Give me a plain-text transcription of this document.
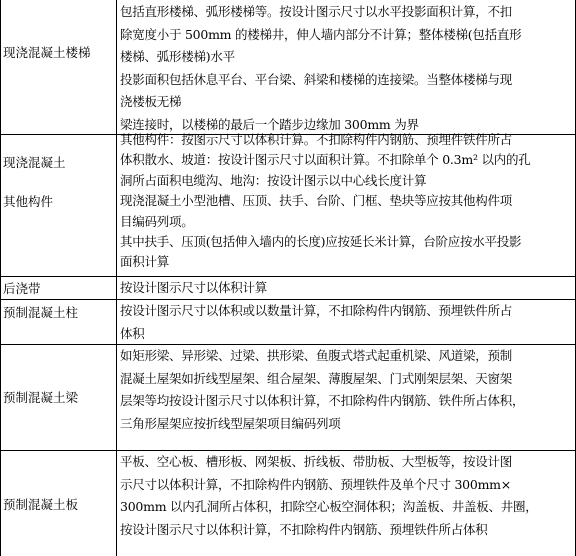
现浇混凝土楼梯
包括直形楼梯、弧形楼梯等。按设计图示尺寸以水平投影面积计算，不扣
除宽度小于 500mm 的楼梯井，伸人墙内部分不计算；整体楼梯(包括直形
楼梯、弧形楼梯)水平
投影面积包括休息平台、平台梁、斜梁和楼梯的连接梁。当整体楼梯与现
浇楼板无梯
梁连接时，以楼梯的最后一个踏步边缘加 300mm 为界
现浇混凝土
其他构件
其他构件：按图示尺寸以体积计算。不扣除构件内钢筋、预埋件铁件所占
体积散水、坡道：按设计图示尺寸以面积计算。不扣除单个 0.3m² 以内的孔
洞所占面积电缆沟、地沟：按设计图示以中心线长度计算
现浇混凝土小型池槽、压顶、扶手、台阶、门框、垫块等应按其他构件项
目编码列项。
其中扶手、压顶(包括伸入墙内的长度)应按延长米计算，台阶应按水平投影
面积计算
后浇带	按设计图示尺寸以体积计算
预制混凝土柱	按设计图示尺寸以体积或以数量计算，不扣除构件内钢筋、预埋铁件所占
体积
预制混凝土梁
如矩形梁、异形梁、过梁、拱形梁、鱼腹式塔式起重机梁、风道梁，预制
混凝土屋架如折线型屋架、组合屋架、薄腹屋架、门式刚架层架、天窗架
层架等均按设计图示尺寸以体积计算，不扣除构件内钢筋、铁件所占体积，
三角形屋架应按折线型屋架项目编码列项
预制混凝土板
平板、空心板、槽形板、网架板、折线板、带肋板、大型板等，按设计图
示尺寸以体积计算，不扣除构件内钢筋、预埋铁件及单个尺寸 300mm×
300mm 以内孔洞所占体积，扣除空心板空洞体积；沟盖板、井盖板、井圈，
按设计图示尺寸以体积计算，不扣除构件内钢筋、预埋铁件所占体积
